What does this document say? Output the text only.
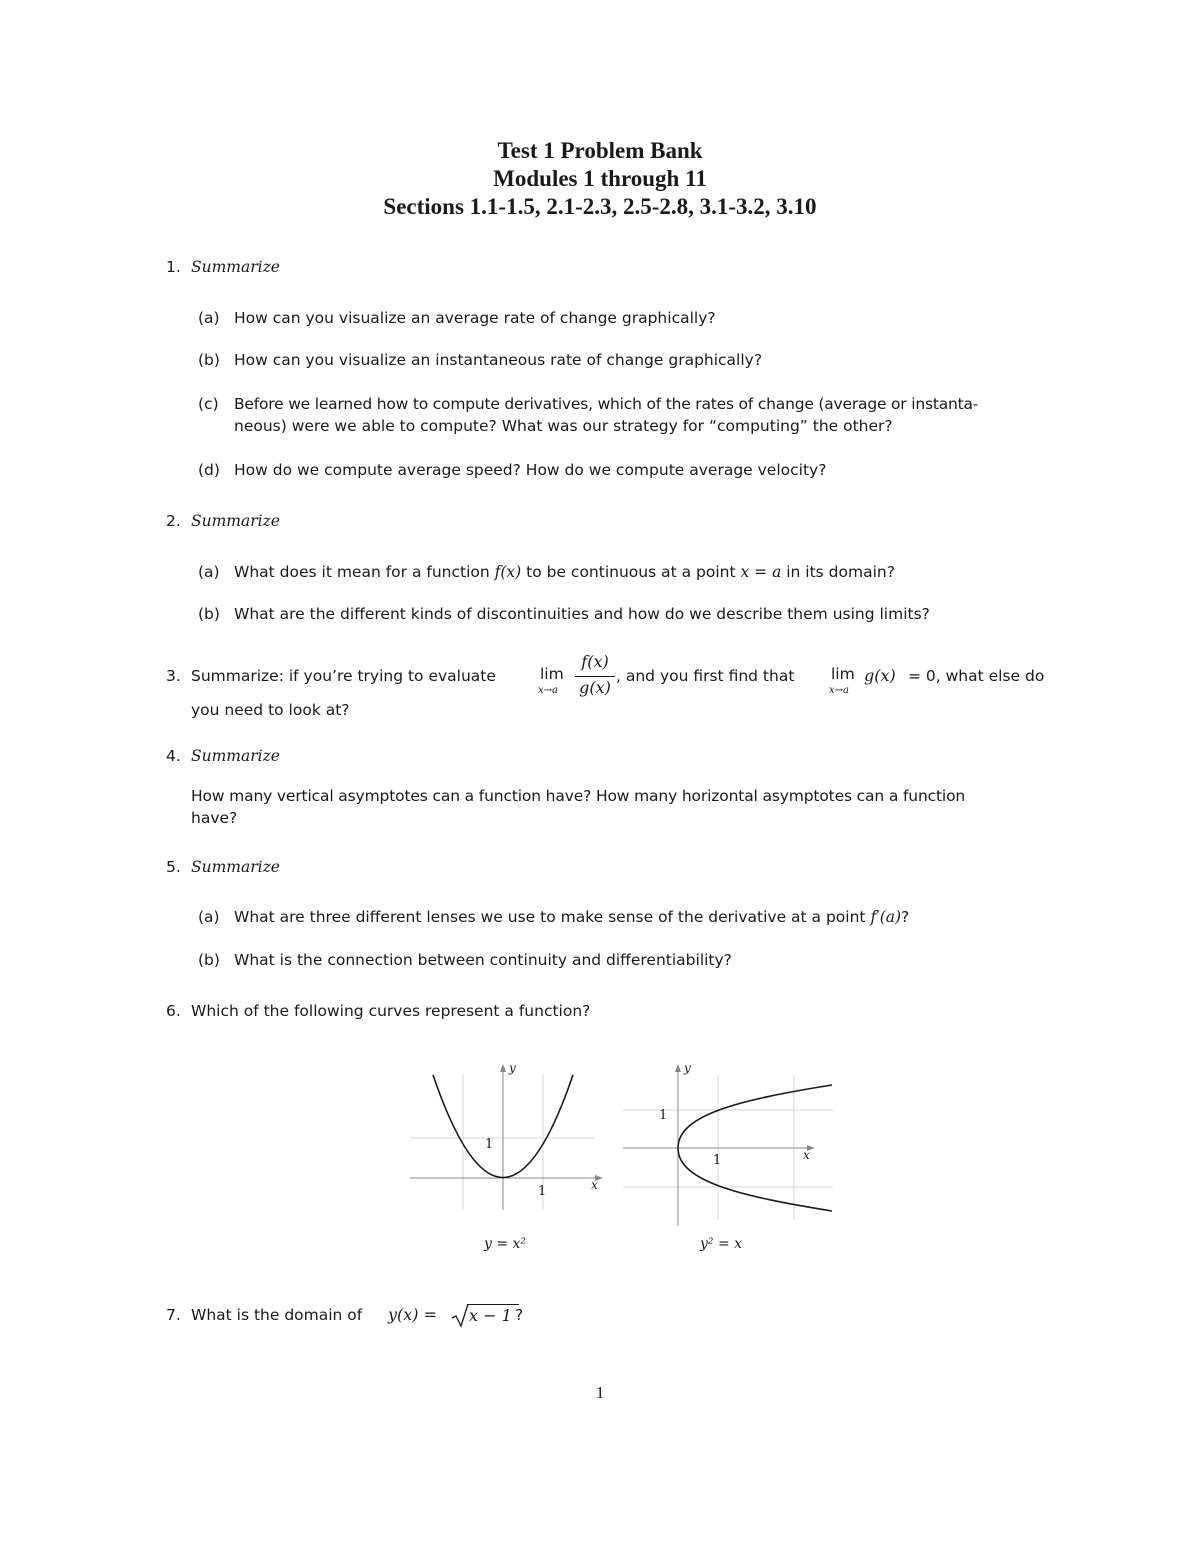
Test 1 Problem Bank
Modules 1 through 11
Sections 1.1-1.5, 2.1-2.3, 2.5-2.8, 3.1-3.2, 3.10
1. Summarize
(a) How can you visualize an average rate of change graphically?
(b) How can you visualize an instantaneous rate of change graphically?
(c) Before we learned how to compute derivatives, which of the rates of change (average or instanta-
neous) were we able to compute? What was our strategy for “computing” the other?
(d) How do we compute average speed? How do we compute average velocity?
2. Summarize
(a) What does it mean for a function f(x) to be continuous at a point x = a in its domain?
(b) What are the different kinds of discontinuities and how do we describe them using limits?
3. Summarize: if you’re trying to evaluate	lim
x→a
f(x)
g(x)
, and you first find that lim
x→a
g(x) = 0, what else do
you need to look at?
4. Summarize
How many vertical asymptotes can a function have? How many horizontal asymptotes can a function
have?
5. Summarize
(a) What are three different lenses we use to make sense of the derivative at a point f′(a)?
(b) What is the connection between continuity and differentiability?
6. Which of the following curves represent a function?
y
x
1
1
y = x²
y
x
1
1
y² = x
7. What is the domain of y(x) = x − 1 ?
1
